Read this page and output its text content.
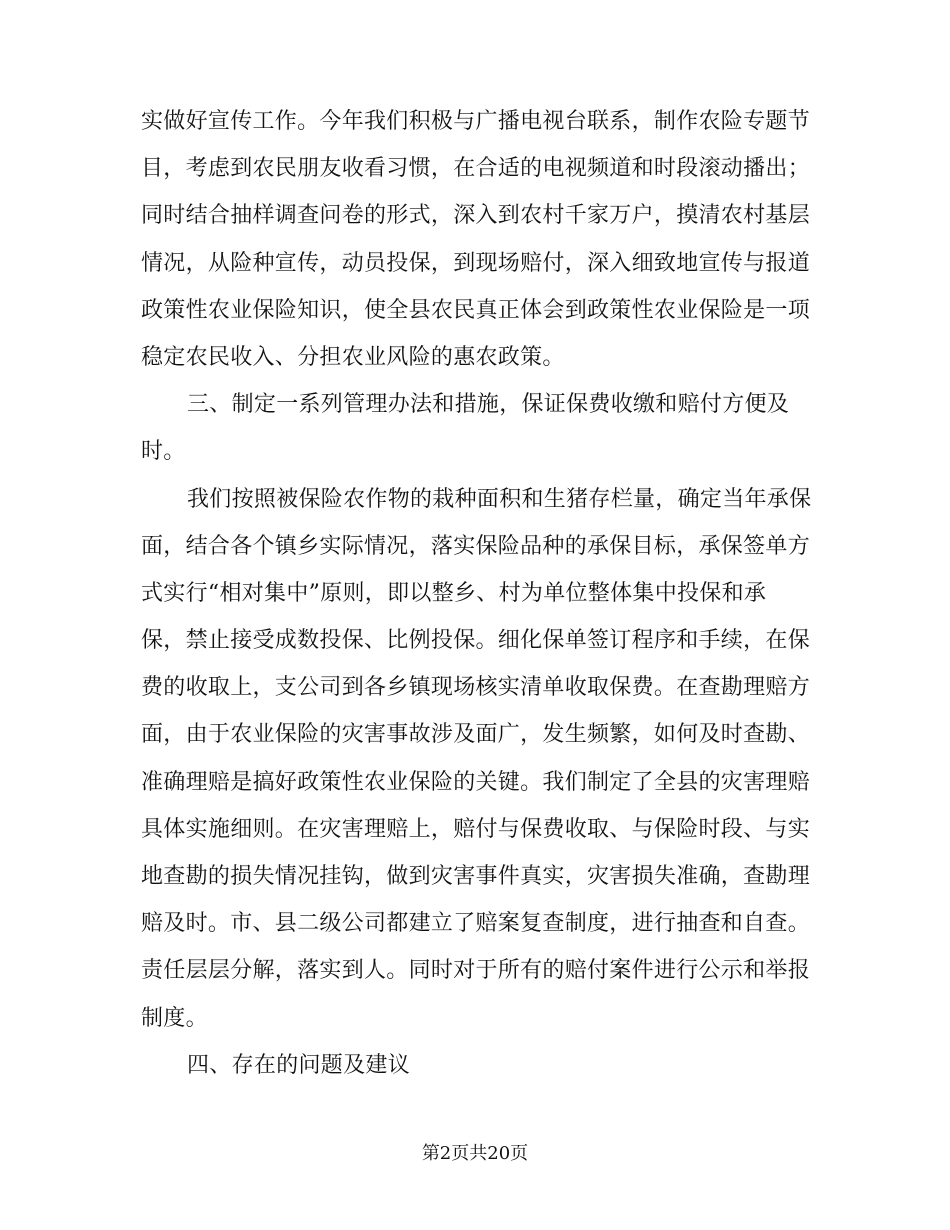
实做好宣传工作。今年我们积极与广播电视台联系，制作农险专题节
目，考虑到农民朋友收看习惯，在合适的电视频道和时段滚动播出；
同时结合抽样调查问卷的形式，深入到农村千家万户，摸清农村基层
情况，从险种宣传，动员投保，到现场赔付，深入细致地宣传与报道
政策性农业保险知识，使全县农民真正体会到政策性农业保险是一项
稳定农民收入、分担农业风险的惠农政策。
三、制定一系列管理办法和措施，保证保费收缴和赔付方便及
时。
我们按照被保险农作物的栽种面积和生猪存栏量，确定当年承保
面，结合各个镇乡实际情况，落实保险品种的承保目标，承保签单方
式实行“相对集中”原则，即以整乡、村为单位整体集中投保和承
保，禁止接受成数投保、比例投保。细化保单签订程序和手续，在保
费的收取上，支公司到各乡镇现场核实清单收取保费。在查勘理赔方
面，由于农业保险的灾害事故涉及面广，发生频繁，如何及时查勘、
准确理赔是搞好政策性农业保险的关键。我们制定了全县的灾害理赔
具体实施细则。在灾害理赔上，赔付与保费收取、与保险时段、与实
地查勘的损失情况挂钩，做到灾害事件真实，灾害损失准确，查勘理
赔及时。市、县二级公司都建立了赔案复查制度，进行抽查和自查。
责任层层分解，落实到人。同时对于所有的赔付案件进行公示和举报
制度。
四、存在的问题及建议
第2页共20页
